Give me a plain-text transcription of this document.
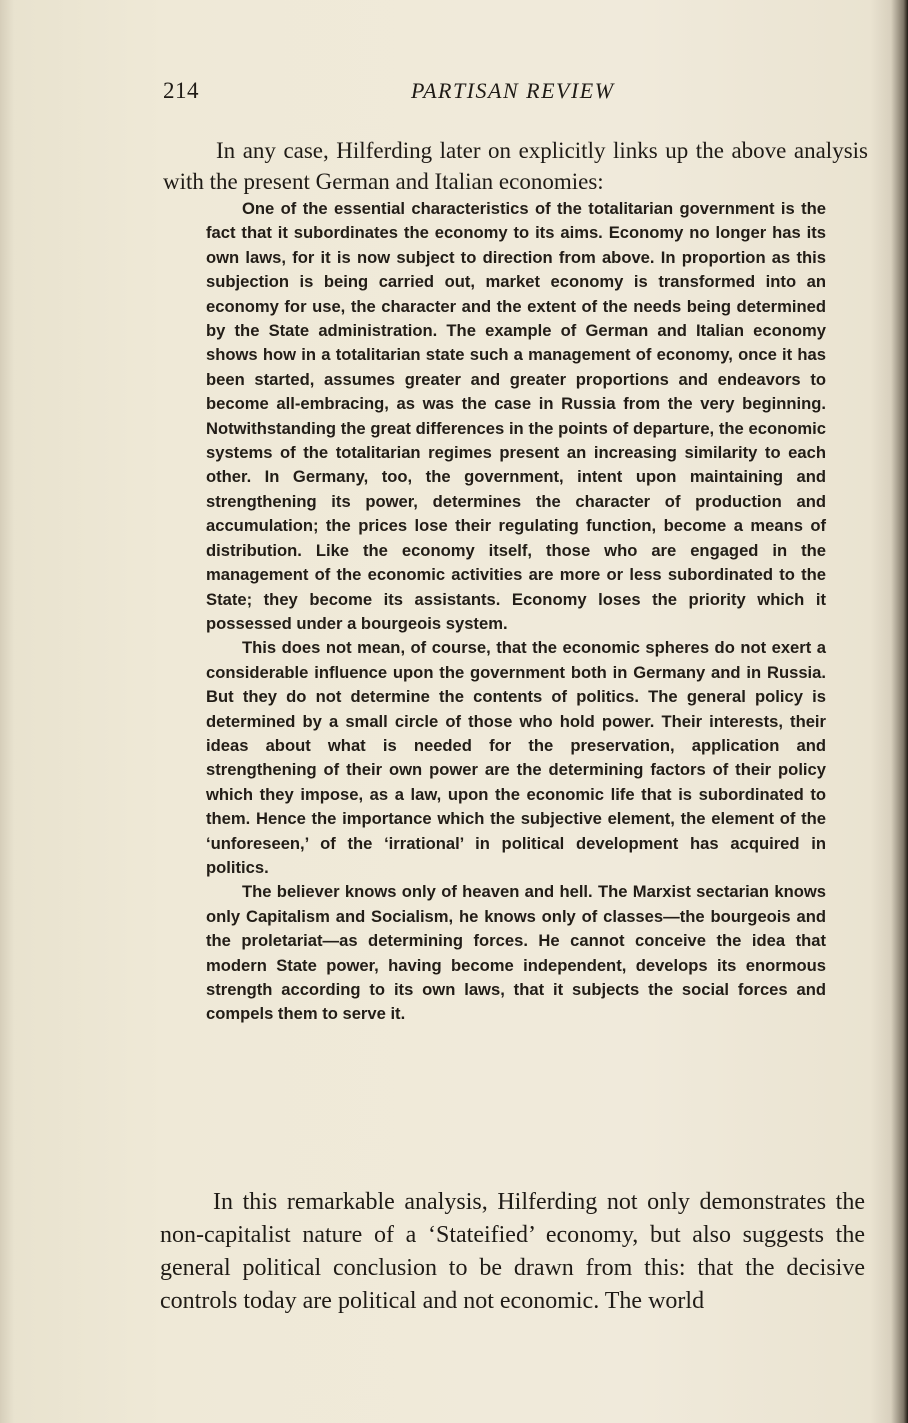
214	PARTISAN REVIEW

In any case, Hilferding later on explicitly links up the above analysis with the present German and Italian economies:

One of the essential characteristics of the totalitarian government is the fact that it subordinates the economy to its aims. Economy no longer has its own laws, for it is now subject to direction from above. In proportion as this subjection is being carried out, market economy is transformed into an economy for use, the character and the extent of the needs being determined by the State administration. The example of German and Italian economy shows how in a totalitarian state such a management of economy, once it has been started, assumes greater and greater proportions and endeavors to become all-embracing, as was the case in Russia from the very beginning. Notwithstanding the great differences in the points of departure, the economic systems of the totalitarian regimes present an increasing similarity to each other. In Germany, too, the government, intent upon maintaining and strengthening its power, determines the character of production and accumulation; the prices lose their regulating function, become a means of distribution. Like the economy itself, those who are engaged in the management of the economic activities are more or less subordinated to the State; they become its assistants. Economy loses the priority which it possessed under a bourgeois system.

This does not mean, of course, that the economic spheres do not exert a considerable influence upon the government both in Germany and in Russia. But they do not determine the contents of politics. The general policy is determined by a small circle of those who hold power. Their interests, their ideas about what is needed for the preservation, application and strengthening of their own power are the determining factors of their policy which they impose, as a law, upon the economic life that is subordinated to them. Hence the importance which the subjective element, the element of the ‘unforeseen,’ of the ‘irrational’ in political development has acquired in politics.

The believer knows only of heaven and hell. The Marxist sectarian knows only Capitalism and Socialism, he knows only of classes—the bourgeois and the proletariat—as determining forces. He cannot conceive the idea that modern State power, having become independent, develops its enormous strength according to its own laws, that it subjects the social forces and compels them to serve it.

In this remarkable analysis, Hilferding not only demonstrates the non-capitalist nature of a ‘Stateified’ economy, but also suggests the general political conclusion to be drawn from this: that the decisive controls today are political and not economic. The world
